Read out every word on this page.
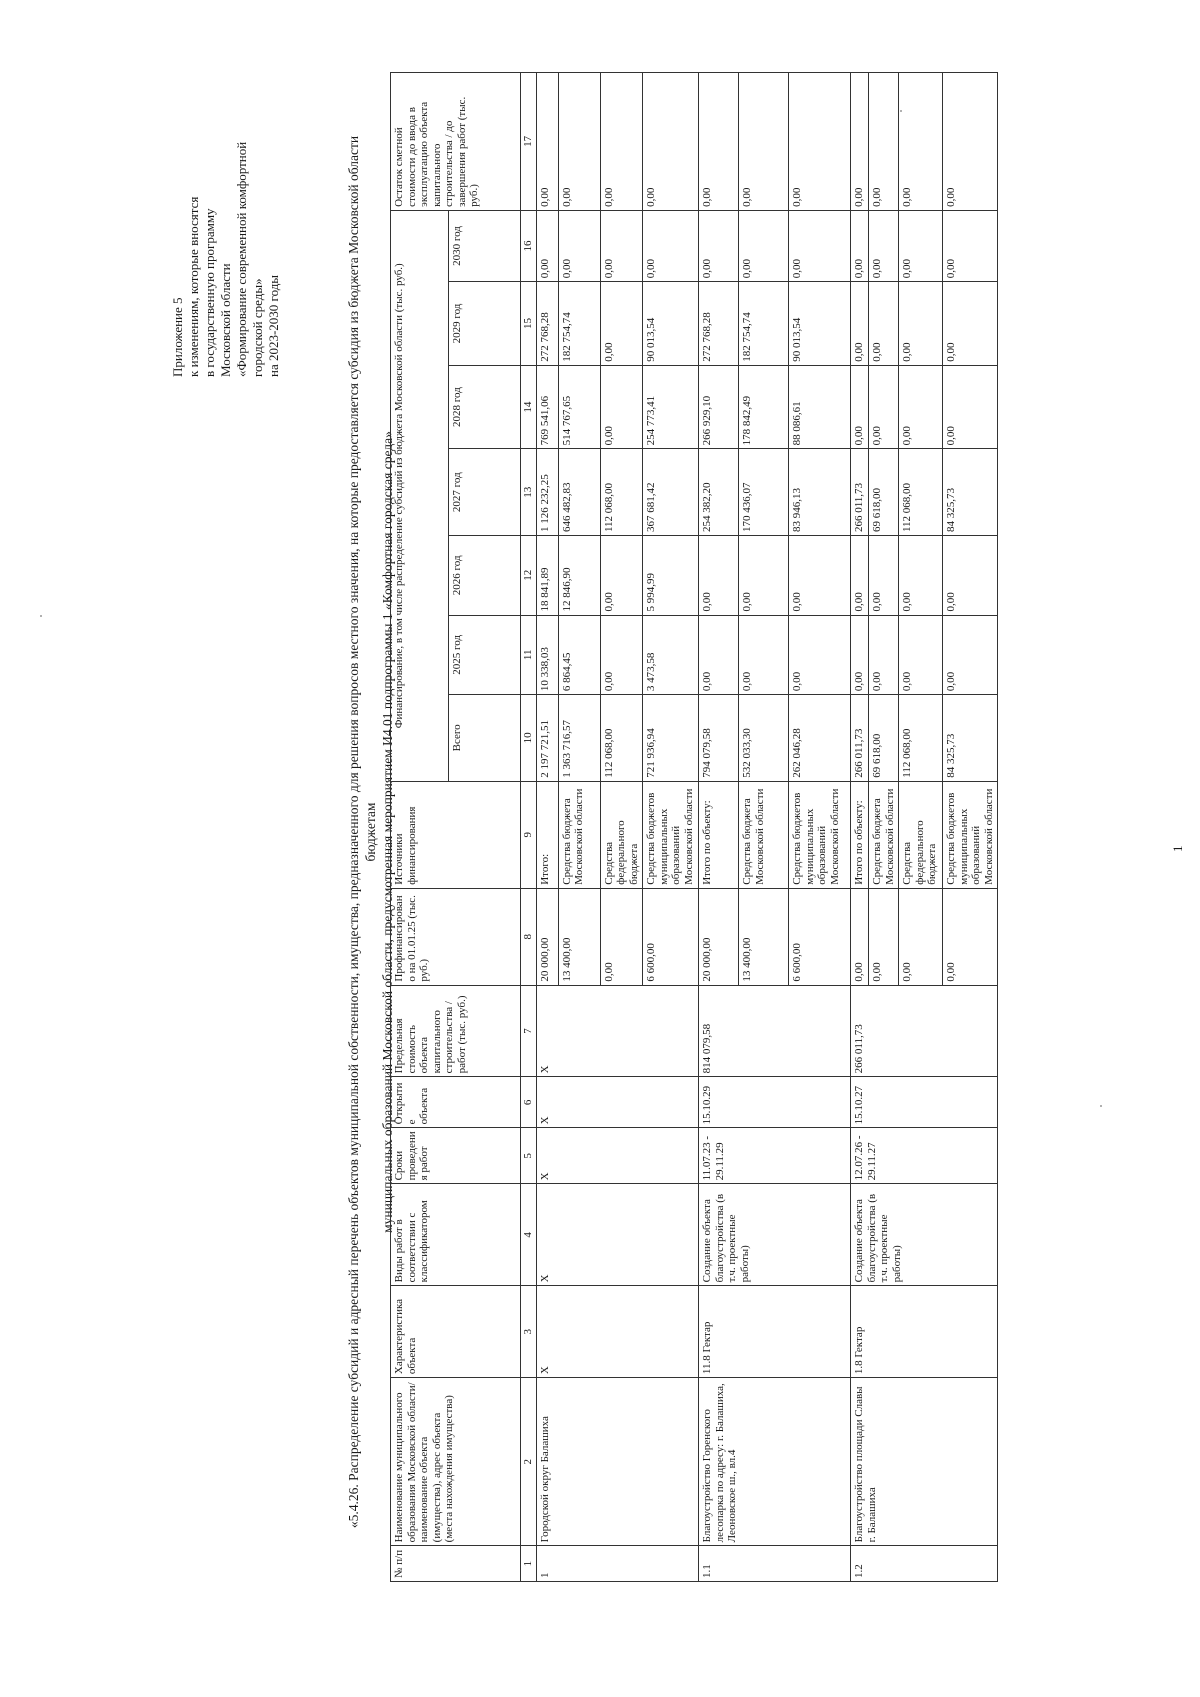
Приложение 5 к изменениям, которые вносятся в государственную программу Московской области «Формирование современной комфортной городской среды» на 2023-2030 годы	«5.4.26. Распределение субсидий и адресный перечень объектов муниципальной собственности, имущества, предназначенного для решения вопросов местного значения, на которые предоставляется субсидия из бюджета Московской области бюджетам муниципальных образований Московской области, предусмотренная мероприятием И4.01 подпрограммы 1 «Комфортная городская среда»
№ п/п	Наименование муниципального образования Московской области/наименование объекта (имущества), адрес объекта (места нахождения имущества)	Характеристика объекта	Виды работ в соответствии с классификатором	Сроки проведения работ	Открытие объекта	Предельная стоимость объекта капитального строительства / работ (тыс. руб.)	Профинансировано на 01.01.25 (тыс. руб.)	Источники финансирования	Финансирование, в том числе распределение субсидий из бюджета Московской области (тыс. руб.)							Остаток сметной стоимости до ввода в эксплуатацию объекта капитального строительства / до завершения работ (тыс. руб.)
									Всего	2025 год	2026 год	2027 год	2028 год	2029 год	2030 год	
1	2	3	4	5	6	7	8	9	10	11	12	13	14	15	16	17
1	Городской округ Балашиха	X	X	X	X	X	20 000,00	Итого:	2 197 721,51	10 338,03	18 841,89	1 126 232,25	769 541,06	272 768,28	0,00	0,00
							13 400,00	Средства бюджета Московской области	1 363 716,57	6 864,45	12 846,90	646 482,83	514 767,65	182 754,74	0,00	0,00
							0,00	Средства федерального бюджета	112 068,00	0,00	0,00	112 068,00	0,00	0,00	0,00	0,00
							6 600,00	Средства бюджетов муниципальных образований Московской области	721 936,94	3 473,58	5 994,99	367 681,42	254 773,41	90 013,54	0,00	0,00
1.1	Благоустройство Горенского лесопарка по адресу: г. Балашиха, Леоновское ш., вл.4	11.8 Гектар	Создание объекта благоустройства (в т.ч. проектные работы)	11.07.23 - 29.11.29	15.10.29	814 079,58	20 000,00	Итого по объекту:	794 079,58	0,00	0,00	254 382,20	266 929,10	272 768,28	0,00	0,00
							13 400,00	Средства бюджета Московской области	532 033,30	0,00	0,00	170 436,07	178 842,49	182 754,74	0,00	0,00
							6 600,00	Средства бюджетов муниципальных образований Московской области	262 046,28	0,00	0,00	83 946,13	88 086,61	90 013,54	0,00	0,00
1.2	Благоустройство площади Славы г. Балашиха	1.8 Гектар	Создание объекта благоустройства (в т.ч. проектные работы)	12.07.26 - 29.11.27	15.10.27	266 011,73	0,00	Итого по объекту:	266 011,73	0,00	0,00	266 011,73	0,00	0,00	0,00	0,00
							0,00	Средства бюджета Московской области	69 618,00	0,00	0,00	69 618,00	0,00	0,00	0,00	0,00
							0,00	Средства федерального бюджета	112 068,00	0,00	0,00	112 068,00	0,00	0,00	0,00	0,00
							0,00	Средства бюджетов муниципальных образований Московской области	84 325,73	0,00	0,00	84 325,73	0,00	0,00	0,00	0,00
1
